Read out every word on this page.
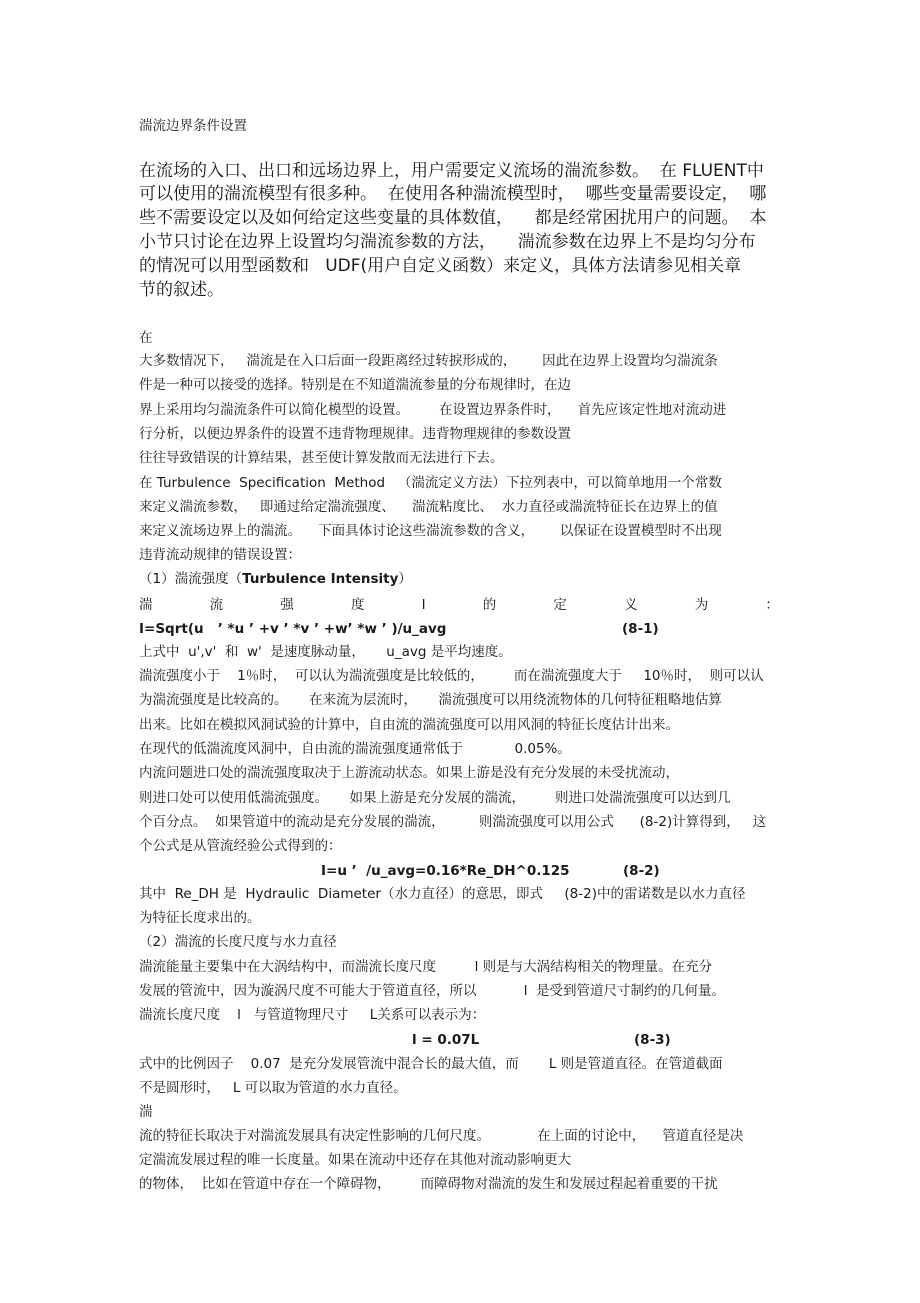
湍流边界条件设置
在流场的入口、出口和远场边界上，用户需要定义流场的湍流参数。  在 FLUENT中
可以使用的湍流模型有很多种。  在使用各种湍流模型时，  哪些变量需要设定，  哪
些不需要设定以及如何给定这些变量的具体数值，    都是经常困扰用户的问题。  本
小节只讨论在边界上设置均匀湍流参数的方法，    湍流参数在边界上不是均匀分布
的情况可以用型函数和   UDF(用户自定义函数）来定义，具体方法请参见相关章
节的叙述。
在
大多数情况下，   湍流是在入口后面一段距离经过转捩形成的，      因此在边界上设置均匀湍流条
件是一种可以接受的选择。特别是在不知道湍流参量的分布规律时，在边
界上采用均匀湍流条件可以简化模型的设置。       在设置边界条件时，    首先应该定性地对流动进
行分析，以便边界条件的设置不违背物理规律。违背物理规律的参数设置
往往导致错误的计算结果，甚至使计算发散而无法进行下去。
在 Turbulence  Specification  Method   （湍流定义方法）下拉列表中，可以简单地用一个常数
来定义湍流参数，   即通过给定湍流强度、    湍流粘度比、  水力直径或湍流特征长在边界上的值
来定义流场边界上的湍流。    下面具体讨论这些湍流参数的含义，      以保证在设置模型时不出现
违背流动规律的错误设置：
（1）湍流强度（Turbulence Intensity）
湍	流	强	度	I	的	定	义	为	：
I=Sqrt(u   ’ *u ’ +v ’ *v ’ +w’ *w ’ )/u_avg	(8-1)
上式中  u',v'  和  w'  是速度脉动量，     u_avg 是平均速度。
湍流强度小于    1％时，  可以认为湍流强度是比较低的，       而在湍流强度大于     10％时，  则可以认
为湍流强度是比较高的。     在来流为层流时，     湍流强度可以用绕流物体的几何特征粗略地估算
出来。比如在模拟风洞试验的计算中，自由流的湍流强度可以用风洞的特征长度估计出来。
在现代的低湍流度风洞中，自由流的湍流强度通常低于            0.05%。
内流问题进口处的湍流强度取决于上游流动状态。如果上游是没有充分发展的未受扰流动，
则进口处可以使用低湍流强度。     如果上游是充分发展的湍流，       则进口处湍流强度可以达到几
个百分点。  如果管道中的流动是充分发展的湍流，        则湍流强度可以用公式      (8-2)计算得到，   这
个公式是从管流经验公式得到的：
I=u ’  /u_avg=0.16*Re_DH^0.125	(8-2)
其中  Re_DH 是  Hydraulic  Diameter（水力直径）的意思，即式     (8-2)中的雷诺数是以水力直径
为特征长度求出的。
（2）湍流的长度尺度与水力直径
湍流能量主要集中在大涡结构中，而湍流长度尺度         l 则是与大涡结构相关的物理量。在充分
发展的管流中，因为漩涡尺度不可能大于管道直径，所以           l  是受到管道尺寸制约的几何量。
湍流长度尺度    l   与管道物理尺寸     L关系可以表示为：
l = 0.07L	(8-3)
式中的比例因子    0.07  是充分发展管流中混合长的最大值，而       L 则是管道直径。在管道截面
不是圆形时，   L 可以取为管道的水力直径。
湍
流的特征长取决于对湍流发展具有决定性影响的几何尺度。           在上面的讨论中，    管道直径是决
定湍流发展过程的唯一长度量。如果在流动中还存在其他对流动影响更大
的物体，  比如在管道中存在一个障碍物，       而障碍物对湍流的发生和发展过程起着重要的干扰
